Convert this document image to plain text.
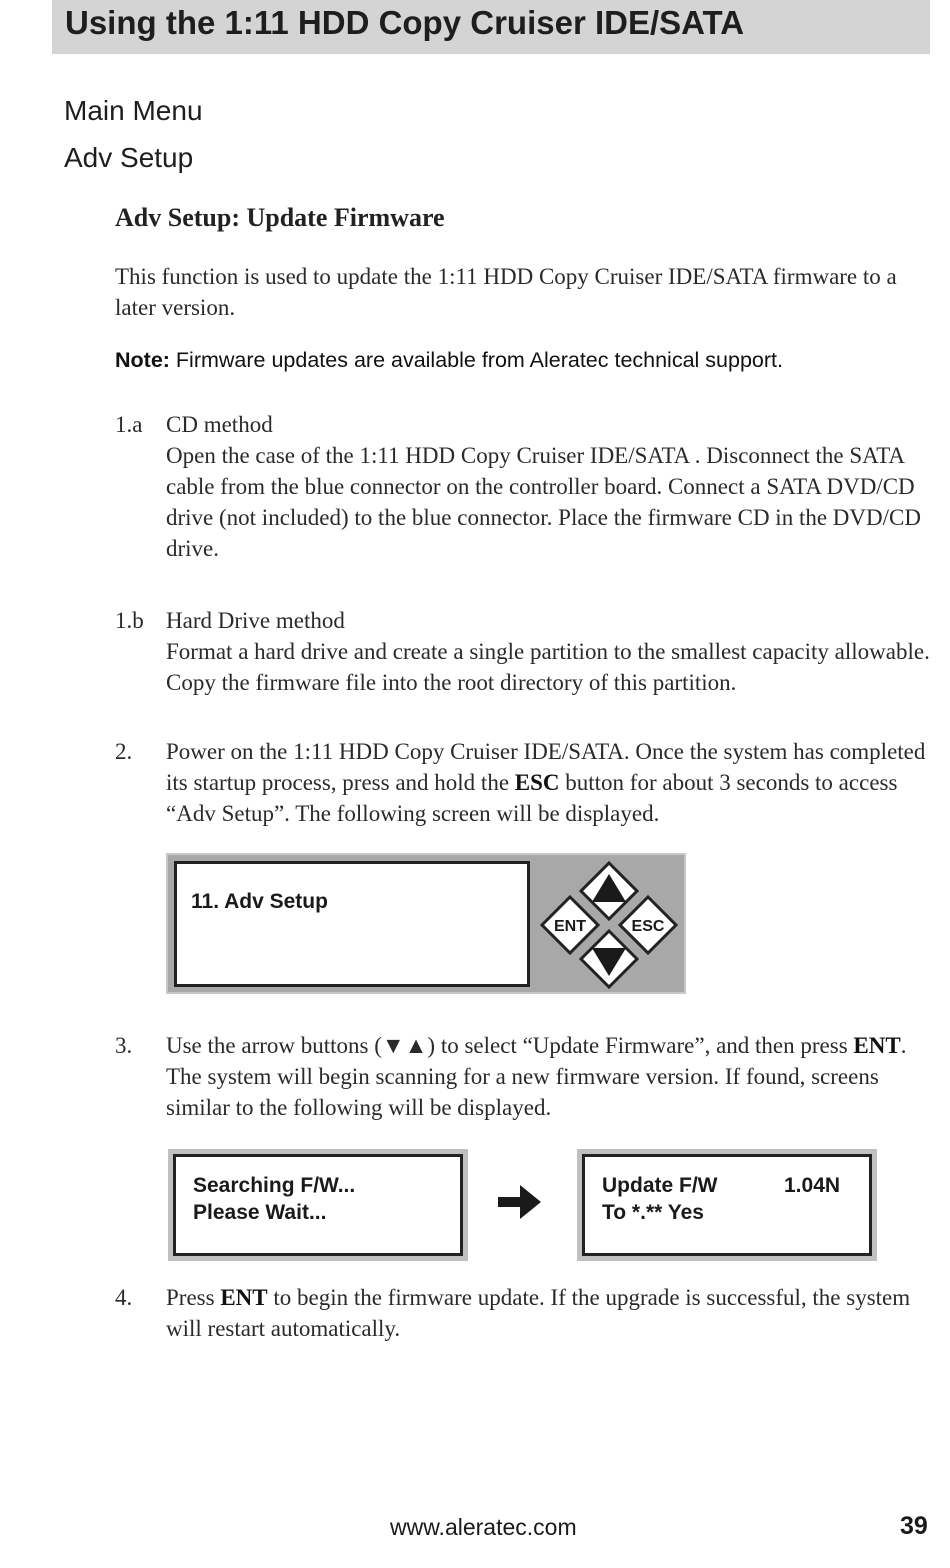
Using the 1:11 HDD Copy Cruiser IDE/SATA
Main Menu
Adv Setup
Adv Setup: Update Firmware

This function is used to update the 1:11 HDD Copy Cruiser IDE/SATA firmware to a later version.

Note: Firmware updates are available from Aleratec technical support.
1.a CD method

Open the case of the 1:11 HDD Copy Cruiser IDE/SATA . Disconnect the SATA cable from the blue connector on the controller board. Connect a SATA DVD/CD drive (not included) to the blue connector. Place the firmware CD in the DVD/CD drive.

1.b Hard Drive method

Format a hard drive and create a single partition to the smallest capacity allowable. Copy the firmware file into the root directory of this partition.

2. Power on the 1:11 HDD Copy Cruiser IDE/SATA. Once the system has completed its startup process, press and hold the ESC button for about 3 seconds to access “Adv Setup”. The following screen will be displayed.

11. Adv Setup
ENT	ESC
3. Use the arrow buttons (▼▲) to select “Update Firmware”, and then press ENT. The system will begin scanning for a new firmware version. If found, screens similar to the following will be displayed.

Searching F/W...
Please Wait...
Update F/W	1.04N
To *.** Yes
4. Press ENT to begin the firmware update. If the upgrade is successful, the system will restart automatically.

www.aleratec.com	39
